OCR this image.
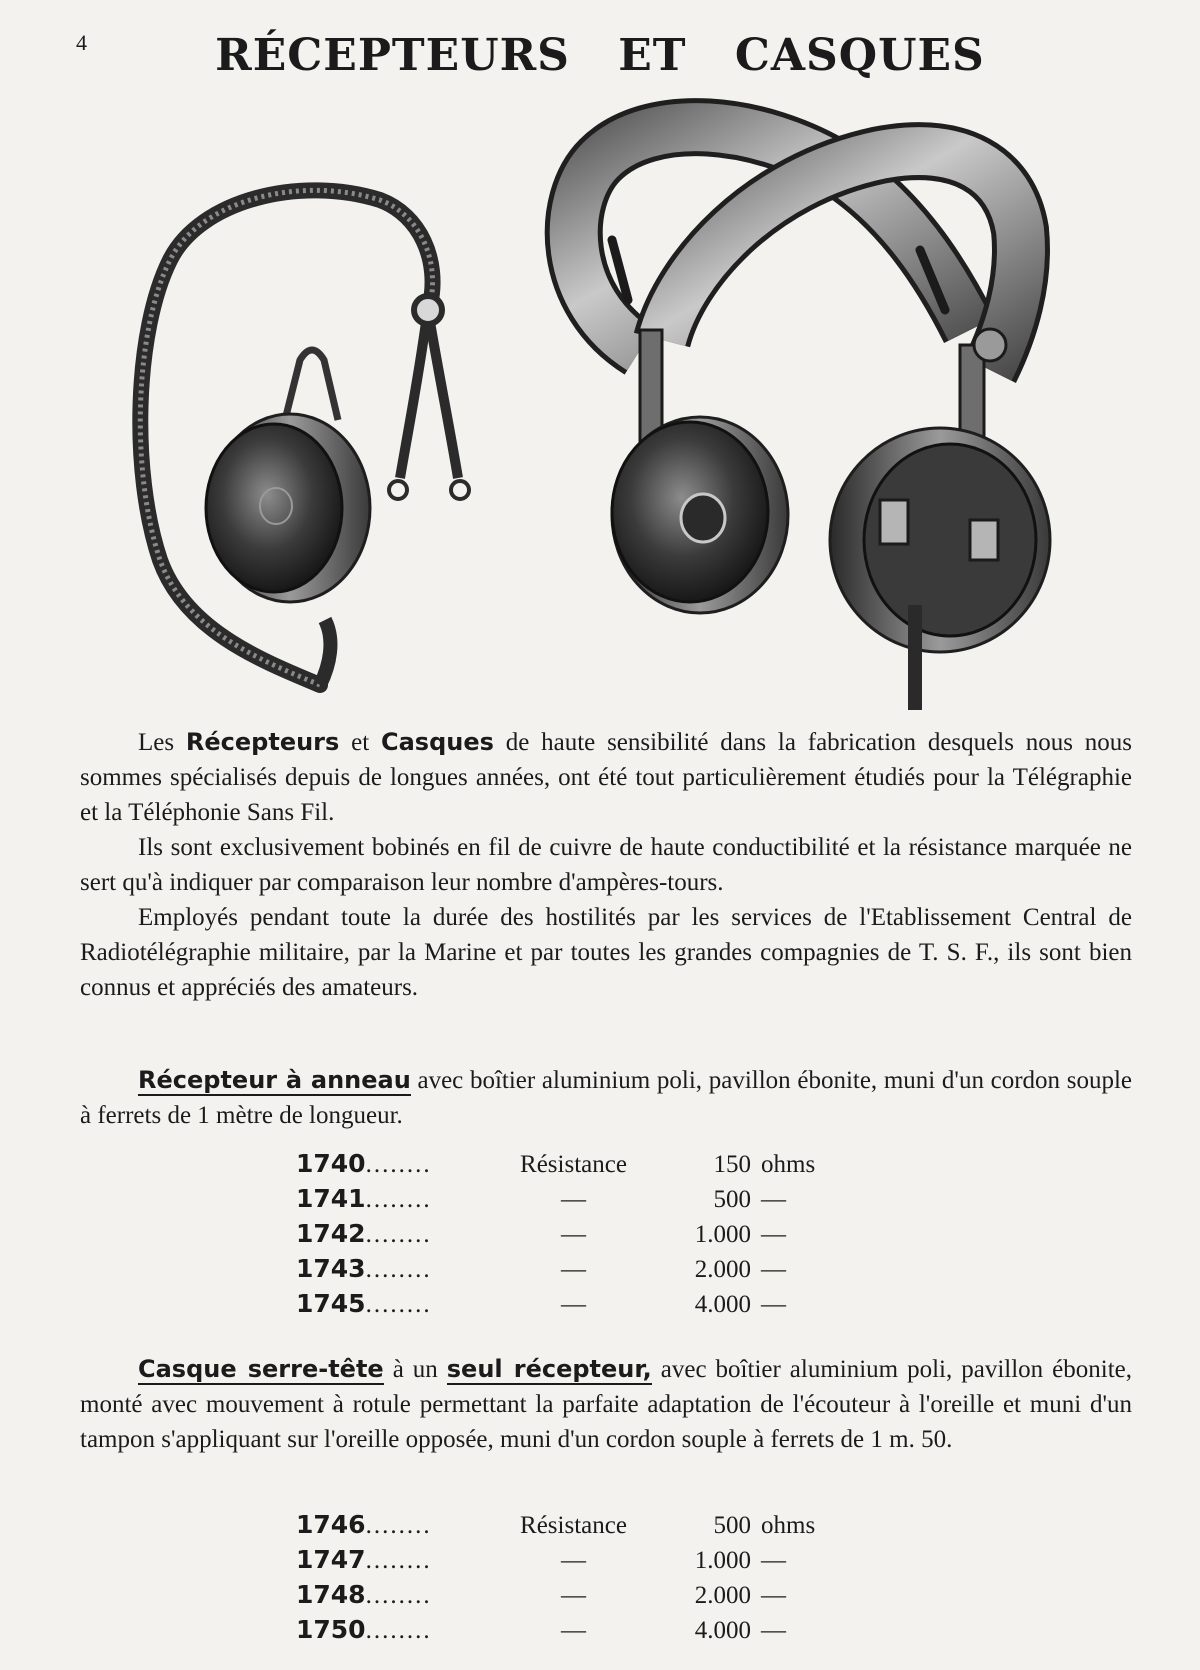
4	RÉCEPTEURS ET CASQUES

Les Récepteurs et Casques de haute sensibilité dans la fabrication desquels nous nous sommes spécialisés depuis de longues années, ont été tout particulièrement étudiés pour la Télégraphie et la Téléphonie Sans Fil.

Ils sont exclusivement bobinés en fil de cuivre de haute conductibilité et la résistance marquée ne sert qu'à indiquer par comparaison leur nombre d'ampères-tours.

Employés pendant toute la durée des hostilités par les services de l'Etablissement Central de Radiotélégraphie militaire, par la Marine et par toutes les grandes compagnies de T. S. F., ils sont bien connus et appréciés des amateurs.

Récepteur à anneau avec boîtier aluminium poli, pavillon ébonite, muni d'un cordon souple à ferrets de 1 mètre de longueur.

1740........	Résistance	150	ohms
1741........	—	500	—
1742........	—	1.000	—
1743........	—	2.000	—
1745........	—	4.000	—

Casque serre-tête à un seul récepteur, avec boîtier aluminium poli, pavillon ébonite, monté avec mouvement à rotule permettant la parfaite adaptation de l'écouteur à l'oreille et muni d'un tampon s'appliquant sur l'oreille opposée, muni d'un cordon souple à ferrets de 1 m. 50.

1746........	Résistance	500	ohms
1747........	—	1.000	—
1748........	—	2.000	—
1750........	—	4.000	—
